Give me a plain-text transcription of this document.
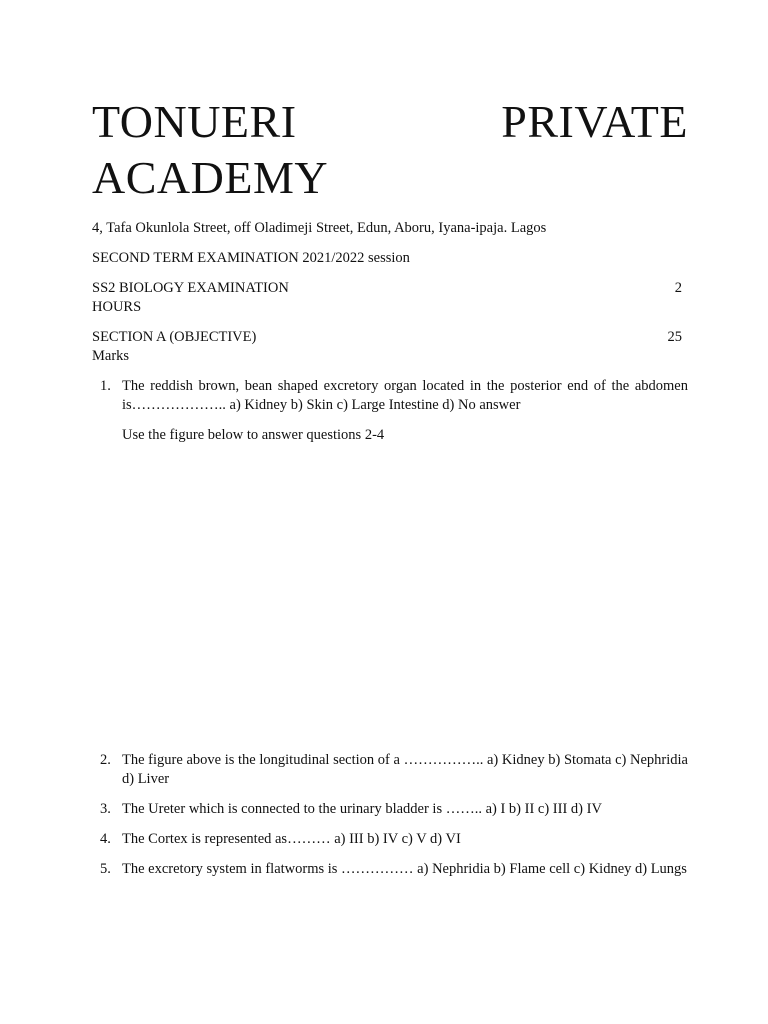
TONUERI	PRIVATE
ACADEMY
4, Tafa Okunlola Street, off Oladimeji Street, Edun, Aboru, Iyana-ipaja. Lagos
SECOND TERM EXAMINATION 2021/2022 session
SS2 BIOLOGY EXAMINATION	2
HOURS
SECTION A (OBJECTIVE)	25
Marks
1. The reddish brown, bean shaped excretory organ located in the posterior end of the abdomen is……………….. a) Kidney b) Skin c) Large Intestine d) No answer
Use the figure below to answer questions 2-4
2. The figure above is the longitudinal section of a …………….. a) Kidney b) Stomata c) Nephridia d) Liver
3. The Ureter which is connected to the urinary bladder is …….. a) I b) II c) III d) IV
4. The Cortex is represented as……… a) III b) IV c) V d) VI
5. The excretory system in flatworms is …………… a) Nephridia b) Flame cell c) Kidney d) Lungs
